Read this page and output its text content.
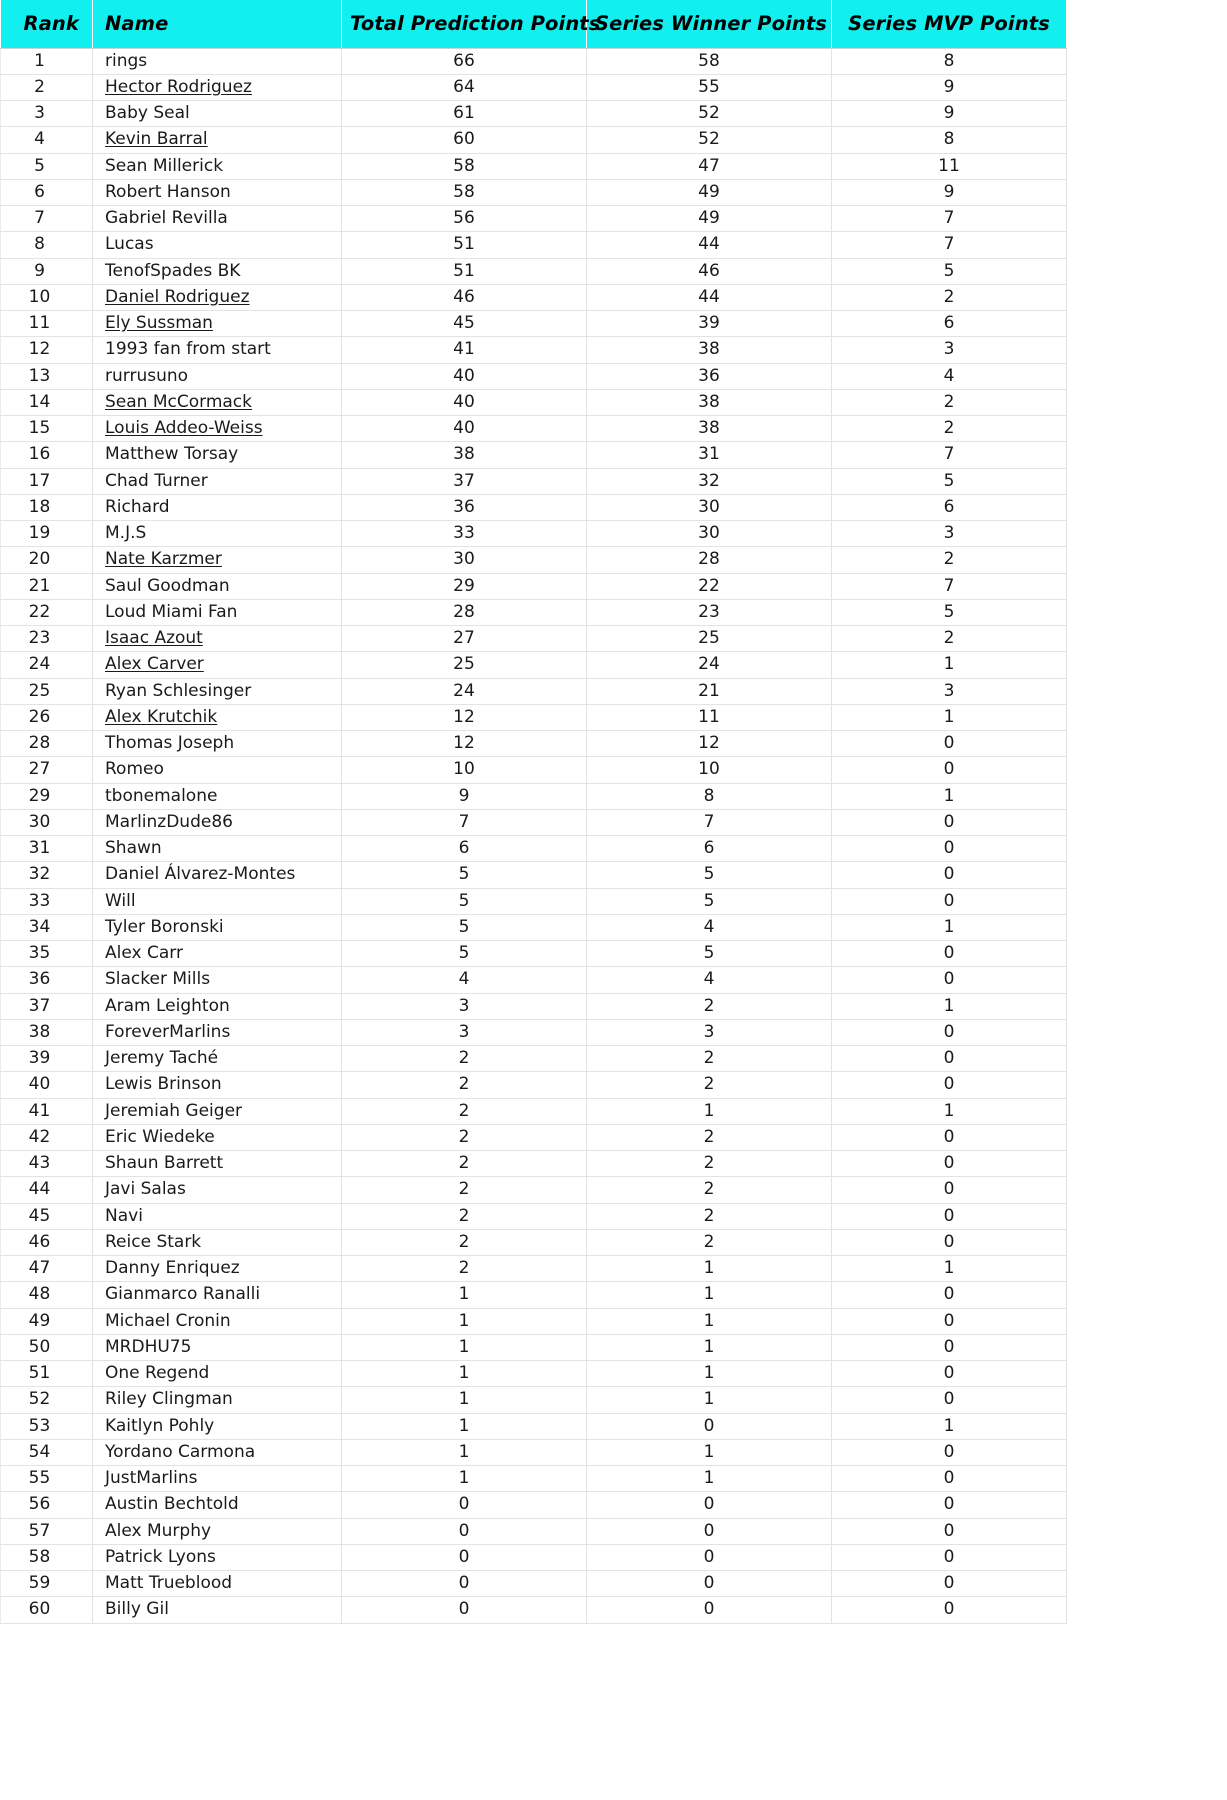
Rank	Name	Total Prediction Points	Series Winner Points	Series MVP Points	
1	rings	66	58	8	
2	Hector Rodriguez	64	55	9	
3	Baby Seal	61	52	9	
4	Kevin Barral	60	52	8	
5	Sean Millerick	58	47	11	
6	Robert Hanson	58	49	9	
7	Gabriel Revilla	56	49	7	
8	Lucas	51	44	7	
9	TenofSpades BK	51	46	5	
10	Daniel Rodriguez	46	44	2	
11	Ely Sussman	45	39	6	
12	1993 fan from start	41	38	3	
13	rurrusuno	40	36	4	
14	Sean McCormack	40	38	2	
15	Louis Addeo-Weiss	40	38	2	
16	Matthew Torsay	38	31	7	
17	Chad Turner	37	32	5	
18	Richard	36	30	6	
19	M.J.S	33	30	3	
20	Nate Karzmer	30	28	2	
21	Saul Goodman	29	22	7	
22	Loud Miami Fan	28	23	5	
23	Isaac Azout	27	25	2	
24	Alex Carver	25	24	1	
25	Ryan Schlesinger	24	21	3	
26	Alex Krutchik	12	11	1	
28	Thomas Joseph	12	12	0	
27	Romeo	10	10	0	
29	tbonemalone	9	8	1	
30	MarlinzDude86	7	7	0	
31	Shawn	6	6	0	
32	Daniel Álvarez-Montes	5	5	0	
33	Will	5	5	0	
34	Tyler Boronski	5	4	1	
35	Alex Carr	5	5	0	
36	Slacker Mills	4	4	0	
37	Aram Leighton	3	2	1	
38	ForeverMarlins	3	3	0	
39	Jeremy Taché	2	2	0	
40	Lewis Brinson	2	2	0	
41	Jeremiah Geiger	2	1	1	
42	Eric Wiedeke	2	2	0	
43	Shaun Barrett	2	2	0	
44	Javi Salas	2	2	0	
45	Navi	2	2	0	
46	Reice Stark	2	2	0	
47	Danny Enriquez	2	1	1	
48	Gianmarco Ranalli	1	1	0	
49	Michael Cronin	1	1	0	
50	MRDHU75	1	1	0	
51	One Regend	1	1	0	
52	Riley Clingman	1	1	0	
53	Kaitlyn Pohly	1	0	1	
54	Yordano Carmona	1	1	0	
55	JustMarlins	1	1	0	
56	Austin Bechtold	0	0	0	
57	Alex Murphy	0	0	0	
58	Patrick Lyons	0	0	0	
59	Matt Trueblood	0	0	0	
60	Billy Gil	0	0	0	
